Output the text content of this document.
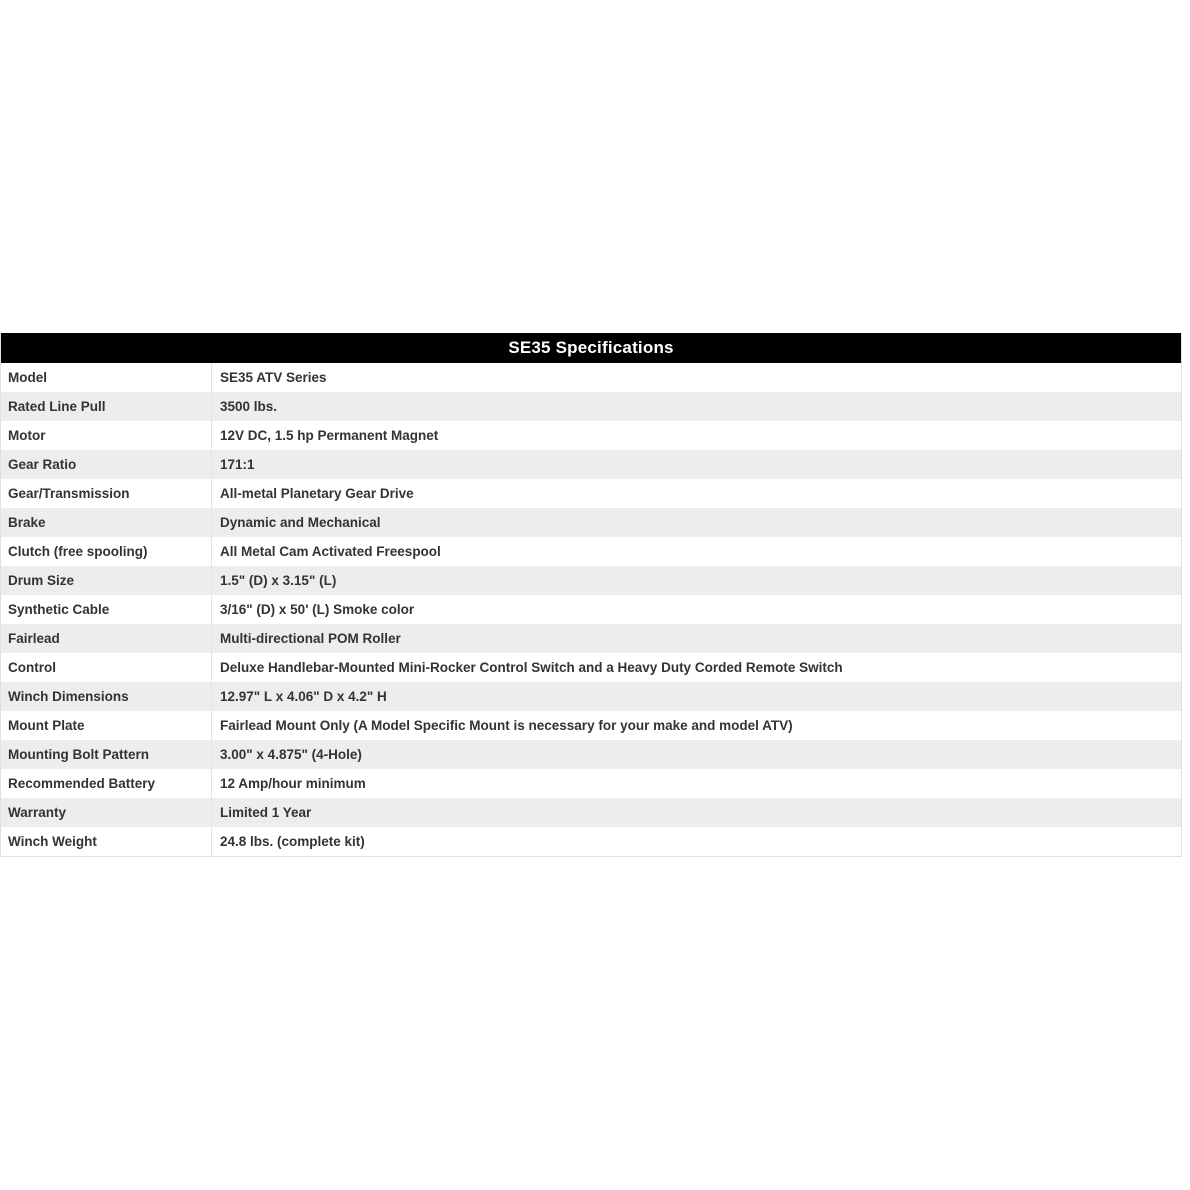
SE35 Specifications
Model	SE35 ATV Series
Rated Line Pull	3500 lbs.
Motor	12V DC, 1.5 hp Permanent Magnet
Gear Ratio	171:1
Gear/Transmission	All-metal Planetary Gear Drive
Brake	Dynamic and Mechanical
Clutch (free spooling)	All Metal Cam Activated Freespool
Drum Size	1.5" (D) x 3.15" (L)
Synthetic Cable	3/16" (D) x 50' (L) Smoke color
Fairlead	Multi-directional POM Roller
Control	Deluxe Handlebar-Mounted Mini-Rocker Control Switch and a Heavy Duty Corded Remote Switch
Winch Dimensions	12.97" L x 4.06" D x 4.2" H
Mount Plate	Fairlead Mount Only (A Model Specific Mount is necessary for your make and model ATV)
Mounting Bolt Pattern	3.00" x 4.875" (4-Hole)
Recommended Battery	12 Amp/hour minimum
Warranty	Limited 1 Year
Winch Weight	24.8 lbs. (complete kit)
